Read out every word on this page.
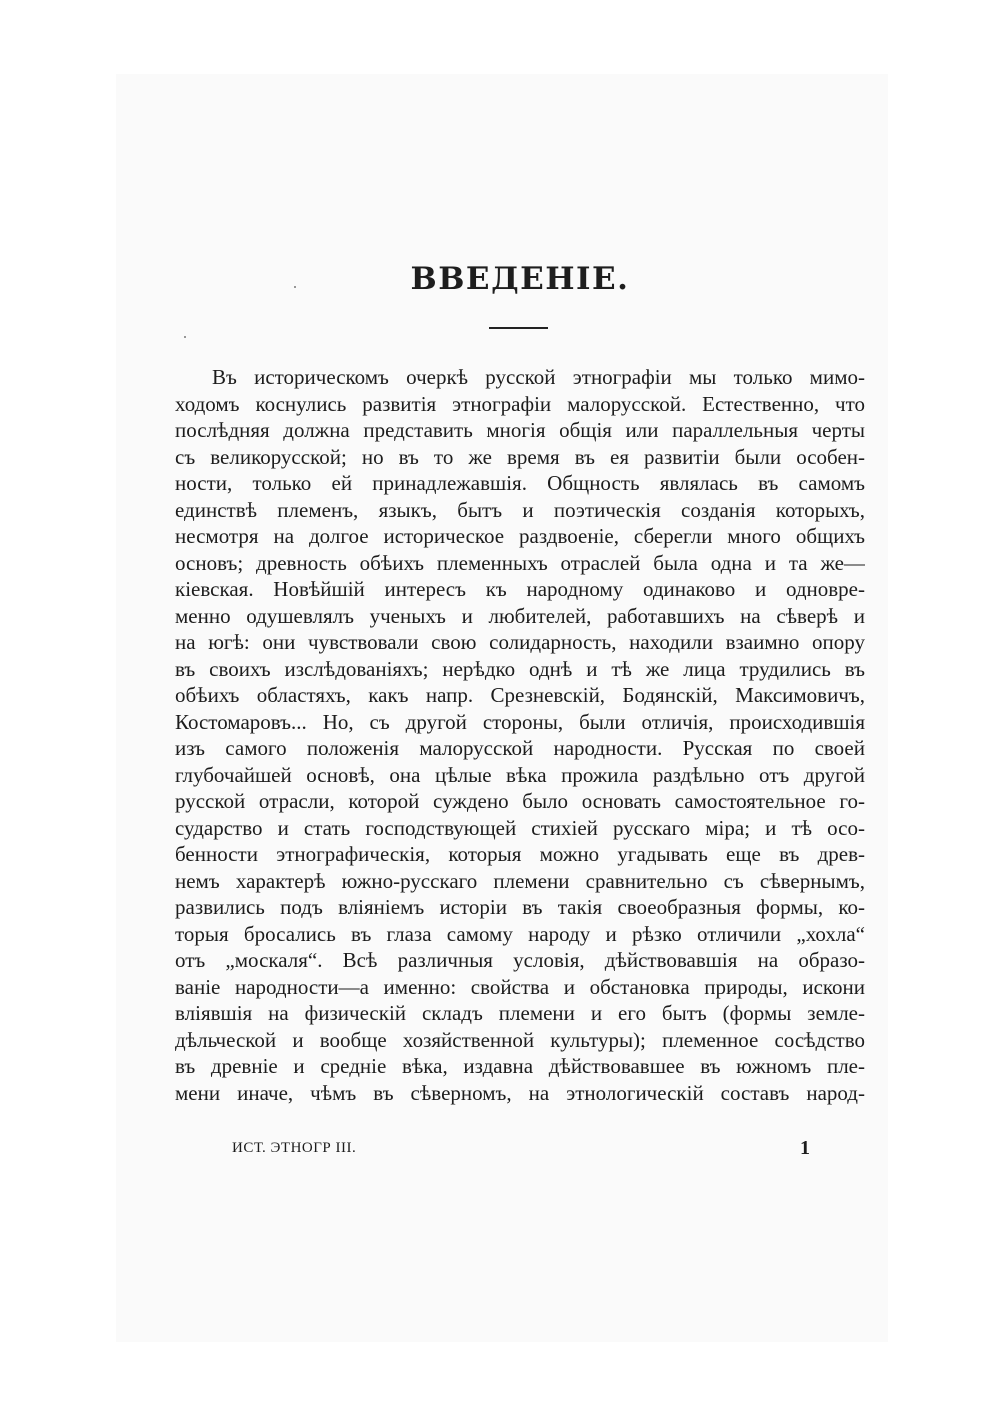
ВВЕДЕНІЕ.
Въ историческомъ очеркѣ русской этнографіи мы только мимо-
ходомъ коснулись развитія этнографіи малорусской. Естественно, что
послѣдняя должна представить многія общія или параллельныя черты
съ великорусской; но въ то же время въ ея развитіи были особен-
ности, только ей принадлежавшія. Общность являлась въ самомъ
единствѣ племенъ, языкъ, бытъ и поэтическія созданія которыхъ,
несмотря на долгое историческое раздвоеніе, сберегли много общихъ
основъ; древность обѣихъ племенныхъ отраслей была одна и та же—
кіевская. Новѣйшій интересъ къ народному одинаково и одновре-
менно одушевлялъ ученыхъ и любителей, работавшихъ на сѣверѣ и
на югѣ: они чувствовали свою солидарность, находили взаимно опору
въ своихъ изслѣдованіяхъ; нерѣдко однѣ и тѣ же лица трудились въ
обѣихъ областяхъ, какъ напр. Срезневскій, Бодянскій, Максимовичъ,
Костомаровъ... Но, съ другой стороны, были отличія, происходившія
изъ самого положенія малорусской народности. Русская по своей
глубочайшей основѣ, она цѣлые вѣка прожила раздѣльно отъ другой
русской отрасли, которой суждено было основать самостоятельное го-
сударство и стать господствующей стихіей русскаго міра; и тѣ осо-
бенности этнографическія, которыя можно угадывать еще въ древ-
немъ характерѣ южно-русскаго племени сравнительно съ сѣвернымъ,
развились подъ вліяніемъ исторіи въ такія своеобразныя формы, ко-
торыя бросались въ глаза самому народу и рѣзко отличили „хохла“
отъ „москаля“. Всѣ различныя условія, дѣйствовавшія на образо-
ваніе народности—а именно: свойства и обстановка природы, искони
вліявшія на физическій складъ племени и его бытъ (формы земле-
дѣльческой и вообще хозяйственной культуры); племенное сосѣдство
въ древніе и средніе вѣка, издавна дѣйствовавшее въ южномъ пле-
мени иначе, чѣмъ въ сѣверномъ, на этнологическій составъ народ-
ИСТ. ЭТНОГР III.	1
